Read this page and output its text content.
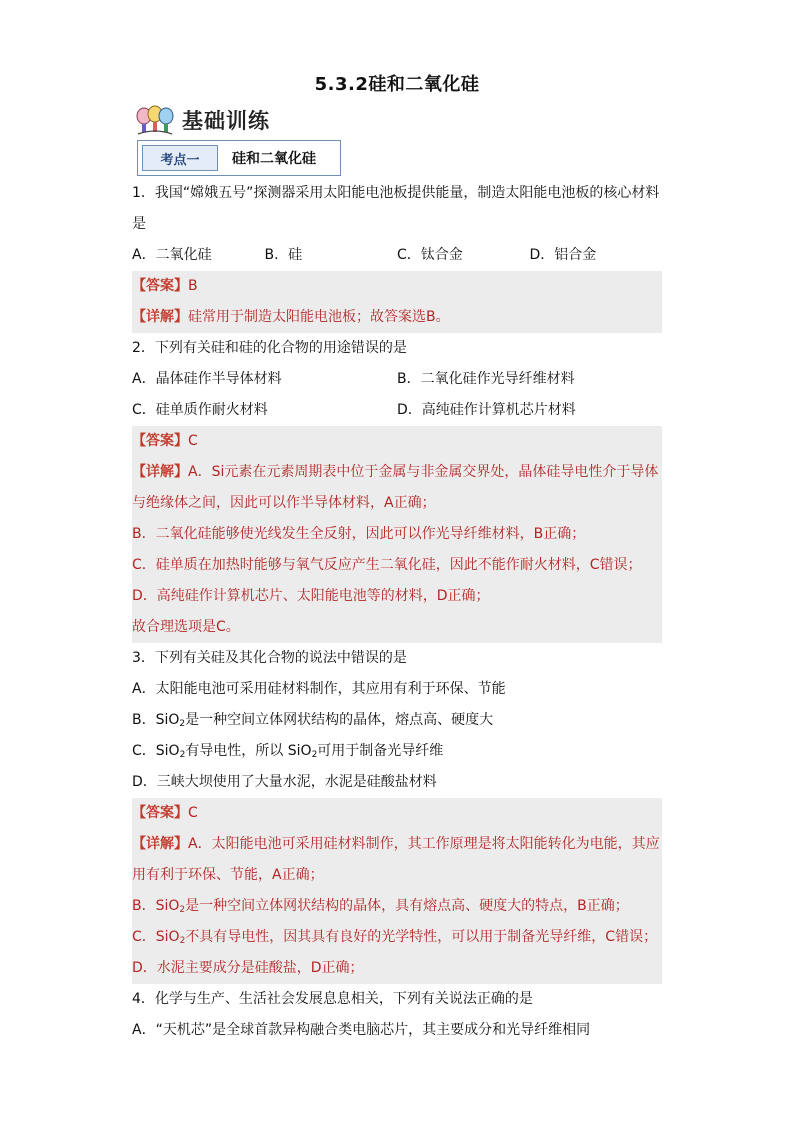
5.3.2硅和二氧化硅
基础训练
考点一	硅和二氧化硅
1．我国“嫦娥五号”探测器采用太阳能电池板提供能量，制造太阳能电池板的核心材料
是
A．二氧化硅	B．硅	C．钛合金	D．铝合金
【答案】B
【详解】硅常用于制造太阳能电池板；故答案选B。
2．下列有关硅和硅的化合物的用途错误的是
A．晶体硅作半导体材料	B．二氧化硅作光导纤维材料
C．硅单质作耐火材料	D．高纯硅作计算机芯片材料
【答案】C
【详解】A．Si元素在元素周期表中位于金属与非金属交界处，晶体硅导电性介于导体
与绝缘体之间，因此可以作半导体材料，A正确；
B．二氧化硅能够使光线发生全反射，因此可以作光导纤维材料，B正确；
C．硅单质在加热时能够与氧气反应产生二氧化硅，因此不能作耐火材料，C错误；
D．高纯硅作计算机芯片、太阳能电池等的材料，D正确；
故合理选项是C。
3．下列有关硅及其化合物的说法中错误的是
A．太阳能电池可采用硅材料制作，其应用有利于环保、节能
B．SiO$_2$是一种空间立体网状结构的晶体，熔点高、硬度大
C．SiO$_2$有导电性，所以 SiO$_2$可用于制备光导纤维
D．三峡大坝使用了大量水泥，水泥是硅酸盐材料
【答案】C
【详解】A．太阳能电池可采用硅材料制作，其工作原理是将太阳能转化为电能，其应
用有利于环保、节能，A正确；
B．SiO$_2$是一种空间立体网状结构的晶体，具有熔点高、硬度大的特点，B正确；
C．SiO$_2$不具有导电性，因其具有良好的光学特性，可以用于制备光导纤维，C错误；
D．水泥主要成分是硅酸盐，D正确；
4．化学与生产、生活社会发展息息相关，下列有关说法正确的是
A．“天机芯”是全球首款异构融合类电脑芯片，其主要成分和光导纤维相同
